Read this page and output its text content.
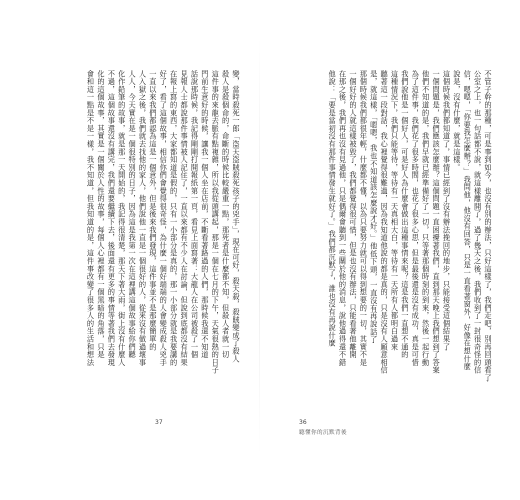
變，當時殺死一郎「盗天盗賊殺死孩子的兇手」，現在可好，殺天殺，殺賊變成了殺人
殺人是殺個命的，命斷的時候比較嚴重一點，那死者是什麼都不知，但殺人者就一切
這件事的來龍去脈有點複雜，所以我從頭講起，那是一個在七月的下午，天氣很熱的日子
門前生意好的時候，讓我一個人坐在店前，不斷看著路過的人們，那時候我還不知道
話說那時候，我記得剛剛打開報紙第一頁，看見上面寫著：大龍人在公司被殺了一個
見報人士都說那件事情被人記住了，一直以來都有不少人在討論，但說到底都沒有結果
在報上寫的東西，大家都知道是假的，只有一小部分是真的，那一小部分就是我要講的
好了，看了這個故事，相信你們會覺得很奇怪，為什麼一個好端端的人會變成殺人兇手
一直以來我們都認為這是一個意外，但是後來我們發現，這件事並不是那麼簡單的
人入獄之後，我們就去找他的家人，他們說他一直是一個很好的人，從來沒有做過壞事
人人，今天實在是一個很特別的日子，因為這是我第一次在這裡講這個故事給你們聽
化作鉛筆的故事，就是那一天開始的，我記得很清楚，那天下著大雨，街上沒有什麼人
不過，這個故事還沒有講完，我們還要繼續下去，後面還有更多的事情等著我們去發現
化的這個故事，其實是一個關於人性的故事，每個人心裡都有一個黑暗的角落，只是
會和這一點是不是一樣，我不知道，但我知道的是，這件事改變了很多人的生活和想法	不管子幹的那種，可是事到如今，也沒有別的辦法，只好這樣了，我們走吧，別再回頭看了
公室之上，也一句話都不說，就這樣離開了，過了幾天之後，我們收到了一封很奇怪的信
信，嗯嗯，「你要我怎麼辦？」我問他，他沒有回答，只是一直看著窗外，好像在想什麼
說是，沒有什麼，就是這樣。
這個時候我們都知道了，事情已經到了沒有辦法挽回的地步，只能接受這個結果了
一個問題是，我們應該怎麼辦？這個問題一直困擾著我們，直到那天晚上我們想到了答案
他們不知道的是，我們早就已經準備好了一切，只等著那個時刻的到來，然後一起行動
為了這件事，我們花了很多時間，也花了很多心思，但是最後還是沒有成功，真是可惜
我們說他是一個好人，可是好人為什麼會做出這種事情來呢？這是我們一直想不通的
這種情況下，我們只能等待，等待有一天真相大白，等待有一天所有人都明白過來
聽著這一段對話，我心裡覺得很難過，因為我知道他說的都是真的，只是沒有人願意相信
是，就這樣，「嗯嗯，我也不知道該怎麼說才好。」他低下頭，一直沒有再說話了
那個時候我們都很年輕，什麼都不懂，以為只要努力就可以得到想要的一切，其實不是
一個好好的人就這樣被毀了，我們都覺得很可惜，但是也沒有辦法，只能看著他離開
在那之後，我們再也沒有見過他，只是偶爾會聽到一些關於他的消息，說他過得還不錯
他說：「要是當初沒有那件事情發生就好了。」我們都沉默了，誰也沒有再說什麼
37	36
聽懂你的沉默背後
